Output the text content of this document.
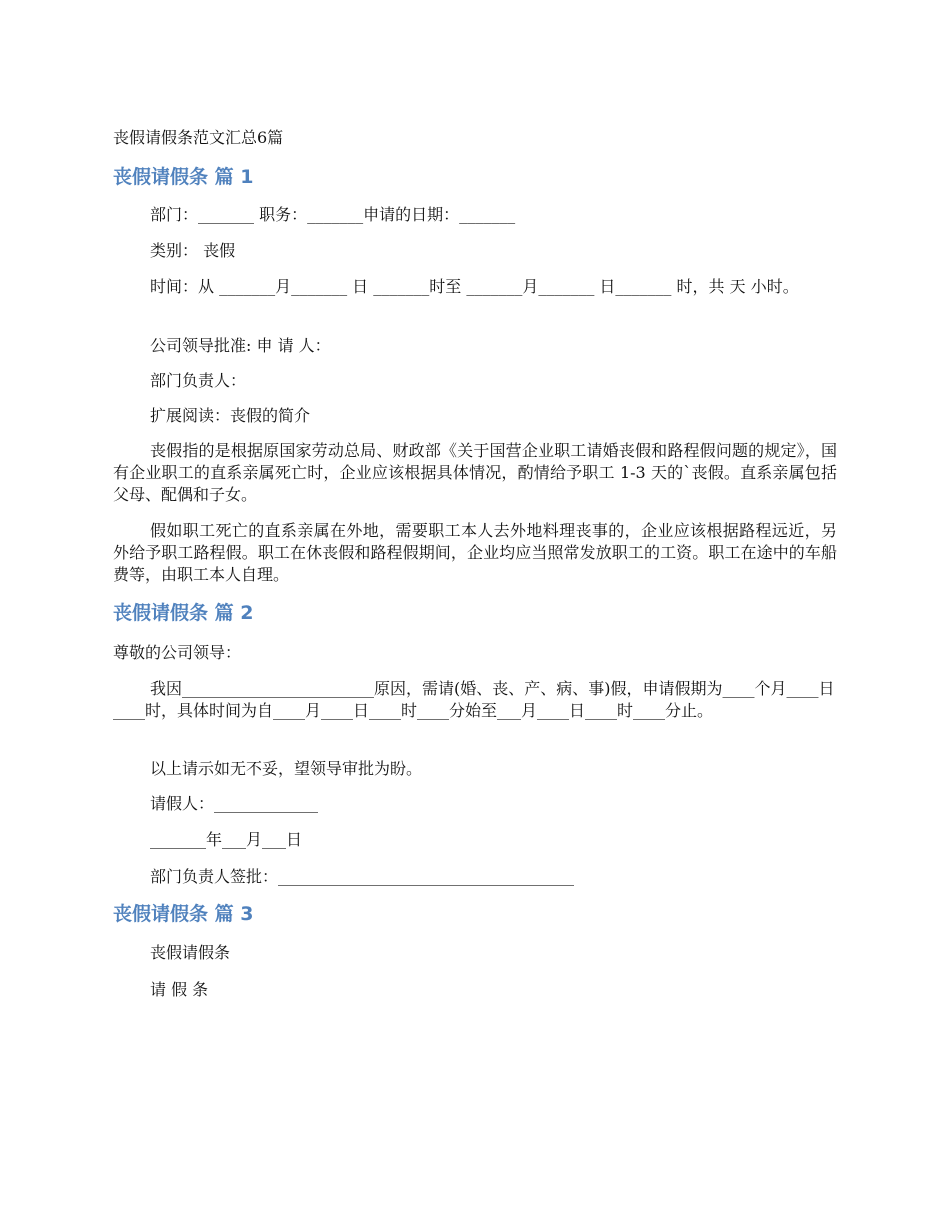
丧假请假条范文汇总6篇
丧假请假条 篇 1
部门：_______ 职务：_______申请的日期：_______
类别： 丧假
时间：从 _______月_______ 日 _______时至 _______月_______ 日_______ 时，共 天 小时。
公司领导批准: 申 请 人：
部门负责人：
扩展阅读：丧假的简介
丧假指的是根据原国家劳动总局、财政部《关于国营企业职工请婚丧假和路程假问题的规定》，国有企业职工的直系亲属死亡时，企业应该根据具体情况，酌情给予职工 1-3 天的`丧假。直系亲属包括父母、配偶和子女。
假如职工死亡的直系亲属在外地，需要职工本人去外地料理丧事的，企业应该根据路程远近，另外给予职工路程假。职工在休丧假和路程假期间，企业均应当照常发放职工的工资。职工在途中的车船费等，由职工本人自理。
丧假请假条 篇 2
尊敬的公司领导：
我因________________________原因，需请(婚、丧、产、病、事)假，申请假期为____个月____日____时，具体时间为自____月____日____时____分始至___月____日____时____分止。
以上请示如无不妥，望领导审批为盼。
请假人：_____________
_______年___月___日
部门负责人签批：_____________________________________
丧假请假条 篇 3
丧假请假条
请 假 条
